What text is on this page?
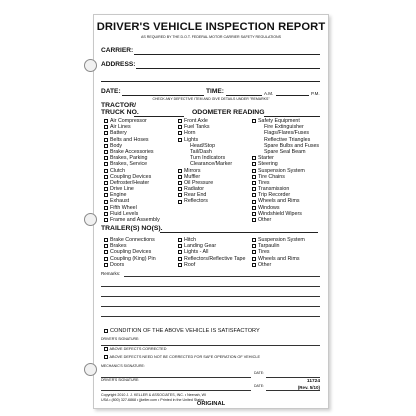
DRIVER'S VEHICLE INSPECTION REPORT
AS REQUIRED BY THE D.O.T. FEDERAL MOTOR CARRIER SAFETY REGULATIONS
CARRIER:
ADDRESS:
DATE:	TIME:	A.M.	P.M.
CHECK ANY DEFECTIVE ITEM AND GIVE DETAILS UNDER "REMARKS"
TRACTOR/
TRUCK NO.	ODOMETER READING
Air Compressor
Air Lines
Battery
Belts and Hoses
Body
Brake Accessories
Brakes, Parking
Brakes, Service
Clutch
Coupling Devices
Defroster/Heater
Drive Line
Engine
Exhaust
Fifth Wheel
Fluid Levels
Frame and Assembly
Front Axle
Fuel Tanks
Horn
Lights
Head/Stop
Tail/Dash
Turn Indicators
Clearance/Marker
Mirrors
Muffler
Oil Pressure
Radiator
Rear End
Reflectors
Safety Equipment
Fire Extinguisher
Flags/Flares/Fuses
Reflective Triangles
Spare Bulbs and Fuses
Spare Seal Beam
Starter
Steering
Suspension System
Tire Chains
Tires
Transmission
Trip Recorder
Wheels and Rims
Windows
Windshield Wipers
Other
TRAILER(S) NO(S).
Brake Connections
Brakes
Coupling Devices
Coupling (King) Pin
Doors
Hitch
Landing Gear
Lights - All
Reflectors/Reflective Tape
Roof
Suspension System
Tarpaulin
Tires
Wheels and Rims
Other
Remarks:
CONDITION OF THE ABOVE VEHICLE IS SATISFACTORY
DRIVER'S SIGNATURE:
ABOVE DEFECTS CORRECTED
ABOVE DEFECTS NEED NOT BE CORRECTED FOR SAFE OPERATION OF VEHICLE
MECHANIC'S SIGNATURE:
DATE:
DRIVER'S SIGNATURE:
DATE:
Copyright 2010 J. J. KELLER & ASSOCIATES, INC. • Neenah, WI
USA • (800) 327-6868 • jjkeller.com • Printed in the United States
11724
(Rev. 5/10)
ORIGINAL
